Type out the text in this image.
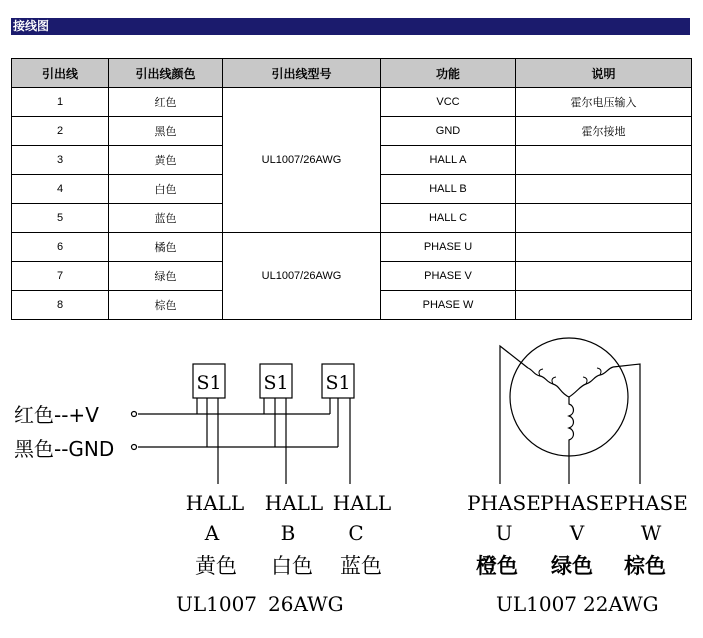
接线图
引出线	引出线颜色	引出线型号	功能	说明
1	红色	UL1007/26AWG	VCC	霍尔电压输入
2	黑色		GND	霍尔接地
3	黄色		HALL A	
4	白色		HALL B	
5	蓝色		HALL C	
6	橘色	UL1007/26AWG	PHASE U	
7	绿色		PHASE V	
8	棕色		PHASE W	
S1 S1 S1
红色--+V
黑色--GND
HALL HALL HALL
A	B	C
黄色 白色 蓝色
UL1007 26AWG
PHASE PHASE PHASE
U	V	W
橙色 绿色 棕色
UL1007 22AWG
